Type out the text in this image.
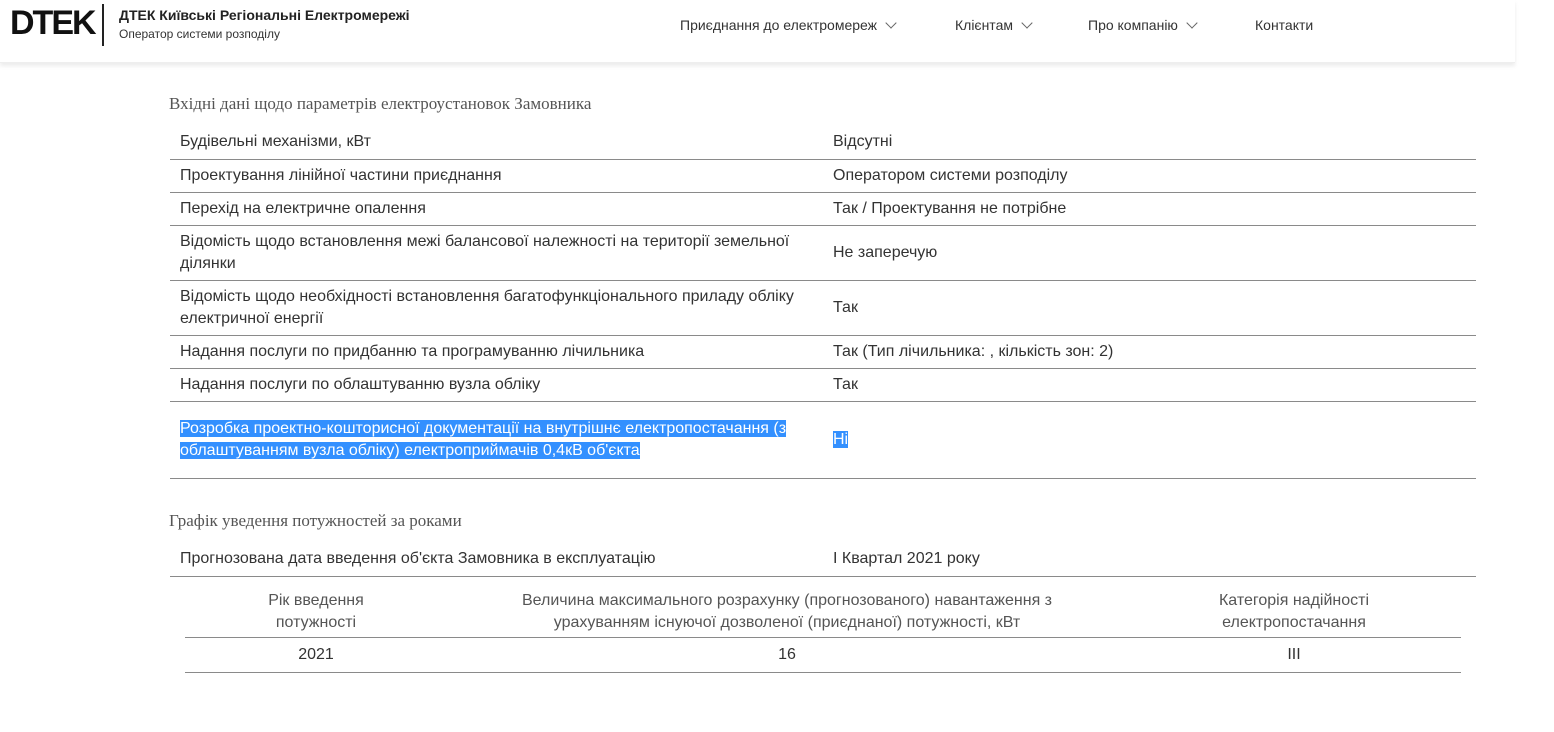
DTEK ДТЕК Київські Регіональні Електромережі
Оператор системи розподілу
Приєднання до електромереж	Клієнтам	Про компанію	Контакти
Вхідні дані щодо параметрів електроустановок Замовника
Будівельні механізми, кВт	Відсутні
Проектування лінійної частини приєднання	Оператором системи розподілу
Перехід на електричне опалення	Так / Проектування не потрібне
Відомість щодо встановлення межі балансової належності на території земельної ділянки	Не заперечую
Відомість щодо необхідності встановлення багатофункціонального приладу обліку електричної енергії	Так
Надання послуги по придбанню та програмуванню лічильника	Так (Тип лічильника: , кількість зон: 2)
Надання послуги по облаштуванню вузла обліку	Так
Розробка проектно-кошторисної документації на внутрішнє електропостачання (з облаштуванням вузла обліку) електроприймачів 0,4кВ об'єкта	Ні
Графік уведення потужностей за роками
Прогнозована дата введення об'єкта Замовника в експлуатацію	І Квартал 2021 року
Рік введення потужності	Величина максимального розрахунку (прогнозованого) навантаження з урахуванням існуючої дозволеної (приєднаної) потужності, кВт	Категорія надійності електропостачання

2021	16	III
